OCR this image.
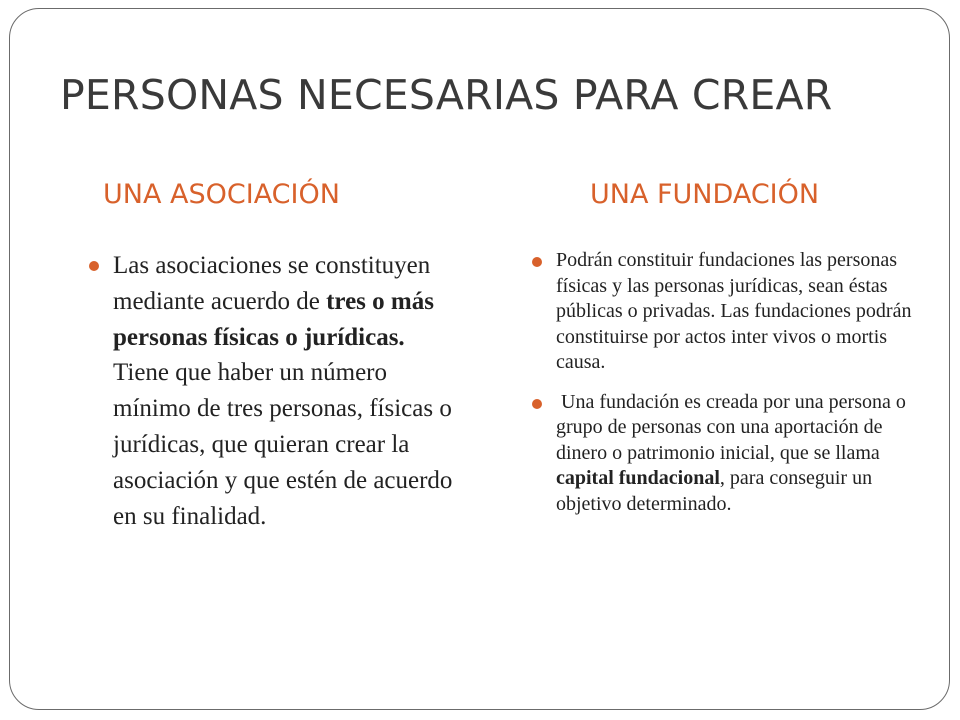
PERSONAS NECESARIAS PARA CREAR
UNA ASOCIACIÓN	UNA FUNDACIÓN
Las asociaciones se constituyen mediante acuerdo de tres o más personas físicas o jurídicas. Tiene que haber un número mínimo de tres personas, físicas o jurídicas, que quieran crear la asociación y que estén de acuerdo en su finalidad.
Podrán constituir fundaciones las personas físicas y las personas jurídicas, sean éstas públicas o privadas. Las fundaciones podrán constituirse por actos inter vivos o mortis causa.
Una fundación es creada por una persona o grupo de personas con una aportación de dinero o patrimonio inicial, que se llama capital fundacional, para conseguir un objetivo determinado.
